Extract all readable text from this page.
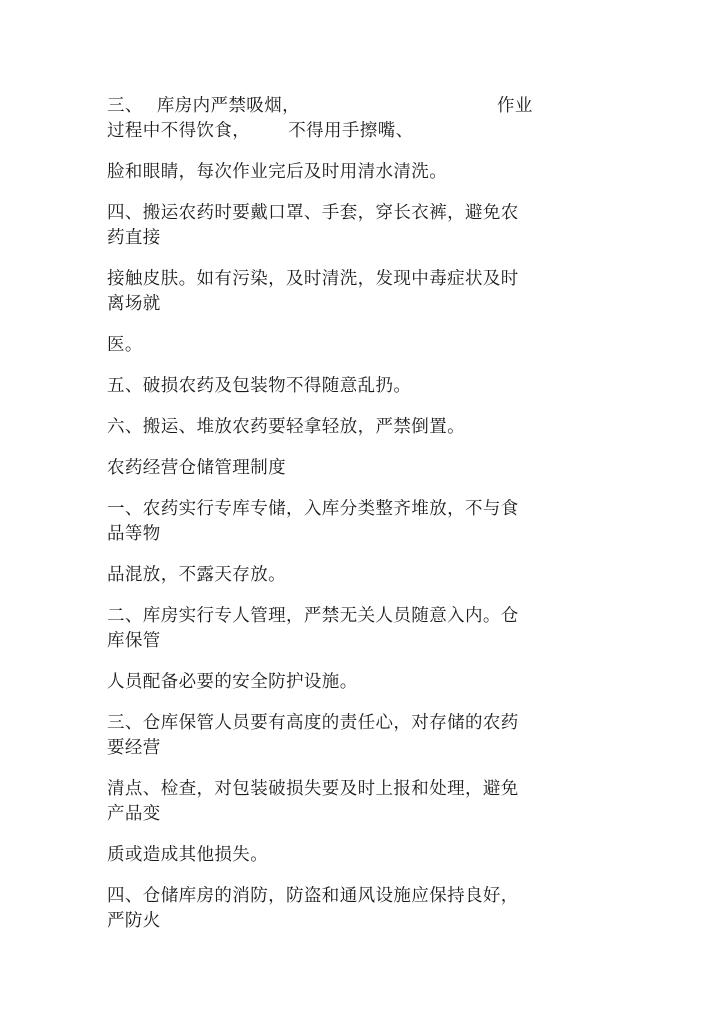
三、 库房内严禁吸烟，	作业
过程中不得饮食， 不得用手擦嘴、

脸和眼睛，每次作业完后及时用清水清洗。

四、搬运农药时要戴口罩、手套，穿长衣裤，避免农
药直接
接触皮肤。如有污染，及时清洗，发现中毒症状及时
离场就

医。

五、破损农药及包装物不得随意乱扔。

六、搬运、堆放农药要轻拿轻放，严禁倒置。

农药经营仓储管理制度

一、农药实行专库专储，入库分类整齐堆放，不与食
品等物

品混放，不露天存放。

二、库房实行专人管理，严禁无关人员随意入内。仓
库保管

人员配备必要的安全防护设施。

三、仓库保管人员要有高度的责任心，对存储的农药
要经营
清点、检查，对包装破损失要及时上报和处理，避免
产品变

质或造成其他损失。

四、仓储库房的消防，防盗和通风设施应保持良好，
严防火
